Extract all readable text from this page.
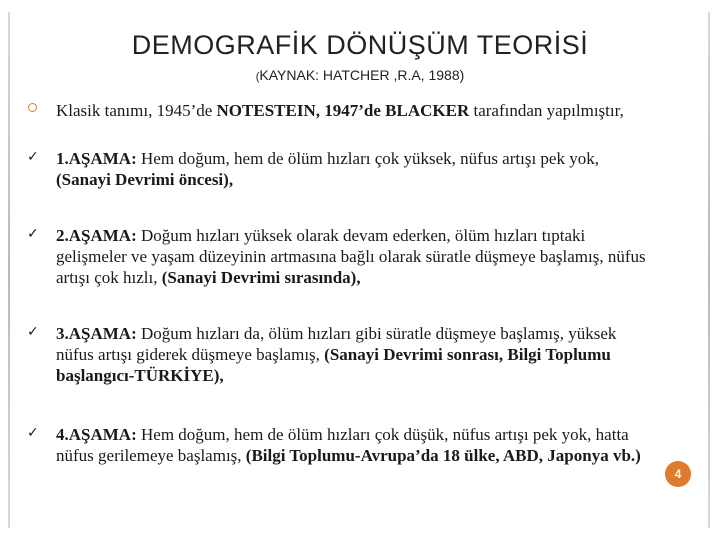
DEMOGRAFİK DÖNÜŞÜM TEORİSİ
(KAYNAK: HATCHER ,R.A, 1988)
Klasik tanımı, 1945’de NOTESTEIN, 1947’de BLACKER tarafından yapılmıştır,
✓ 1.AŞAMA: Hem doğum, hem de ölüm hızları çok yüksek, nüfus artışı pek yok, (Sanayi Devrimi öncesi),
✓ 2.AŞAMA: Doğum hızları yüksek olarak devam ederken, ölüm hızları tıptaki gelişmeler ve yaşam düzeyinin artmasına bağlı olarak süratle düşmeye başlamış, nüfus artışı çok hızlı, (Sanayi Devrimi sırasında),
✓ 3.AŞAMA: Doğum hızları da, ölüm hızları gibi süratle düşmeye başlamış, yüksek nüfus artışı giderek düşmeye başlamış, (Sanayi Devrimi sonrası, Bilgi Toplumu başlangıcı-TÜRKİYE),
✓ 4.AŞAMA: Hem doğum, hem de ölüm hızları çok düşük, nüfus artışı pek yok, hatta nüfus gerilemeye başlamış, (Bilgi Toplumu-Avrupa’da 18 ülke, ABD, Japonya vb.)
4
